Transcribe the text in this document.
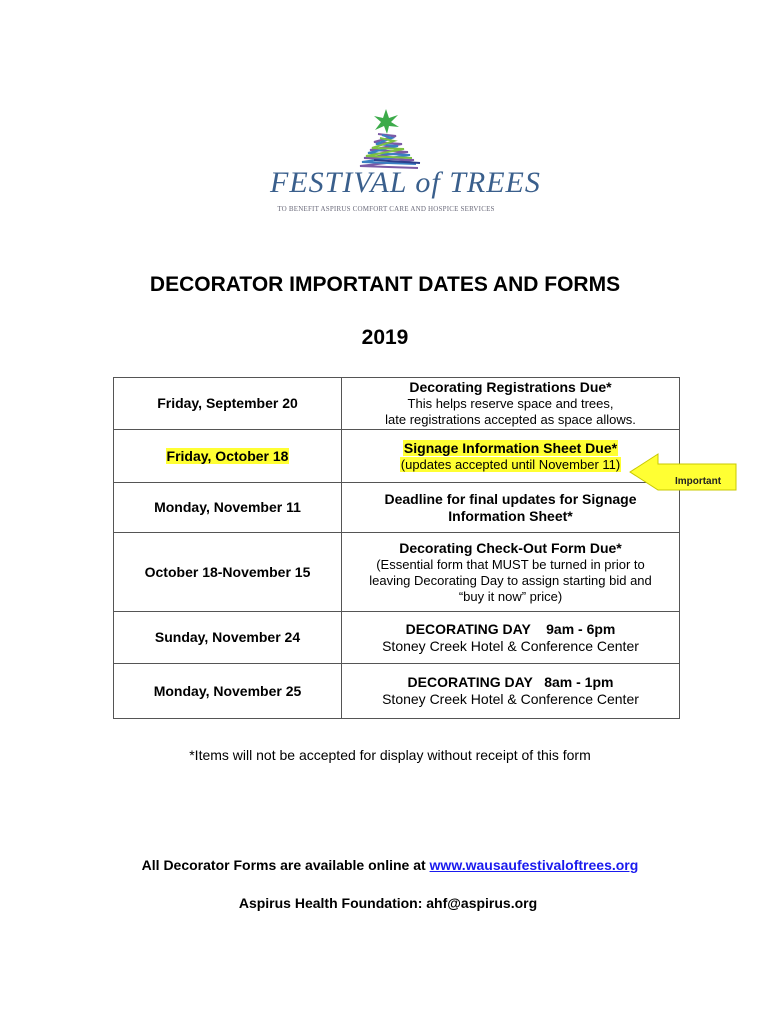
FESTIVAL of TREES
TO BENEFIT ASPIRUS COMFORT CARE AND HOSPICE SERVICES
DECORATOR IMPORTANT DATES AND FORMS
2019
Friday, September 20	Decorating Registrations Due*
This helps reserve space and trees,
late registrations accepted as space allows.

Friday, October 18	Signage Information Sheet Due*
(updates accepted until November 11)

Monday, November 11	Deadline for final updates for Signage
Information Sheet*

October 18-November 15	Decorating Check-Out Form Due*
(Essential form that MUST be turned in prior to
leaving Decorating Day to assign starting bid and
“buy it now” price)

Sunday, November 24	DECORATING DAY    9am - 6pm
Stoney Creek Hotel & Conference Center

Monday, November 25	DECORATING DAY   8am - 1pm
Stoney Creek Hotel & Conference Center
Important
*Items will not be accepted for display without receipt of this form
All Decorator Forms are available online at www.wausaufestivaloftrees.org
Aspirus Health Foundation: ahf@aspirus.org
